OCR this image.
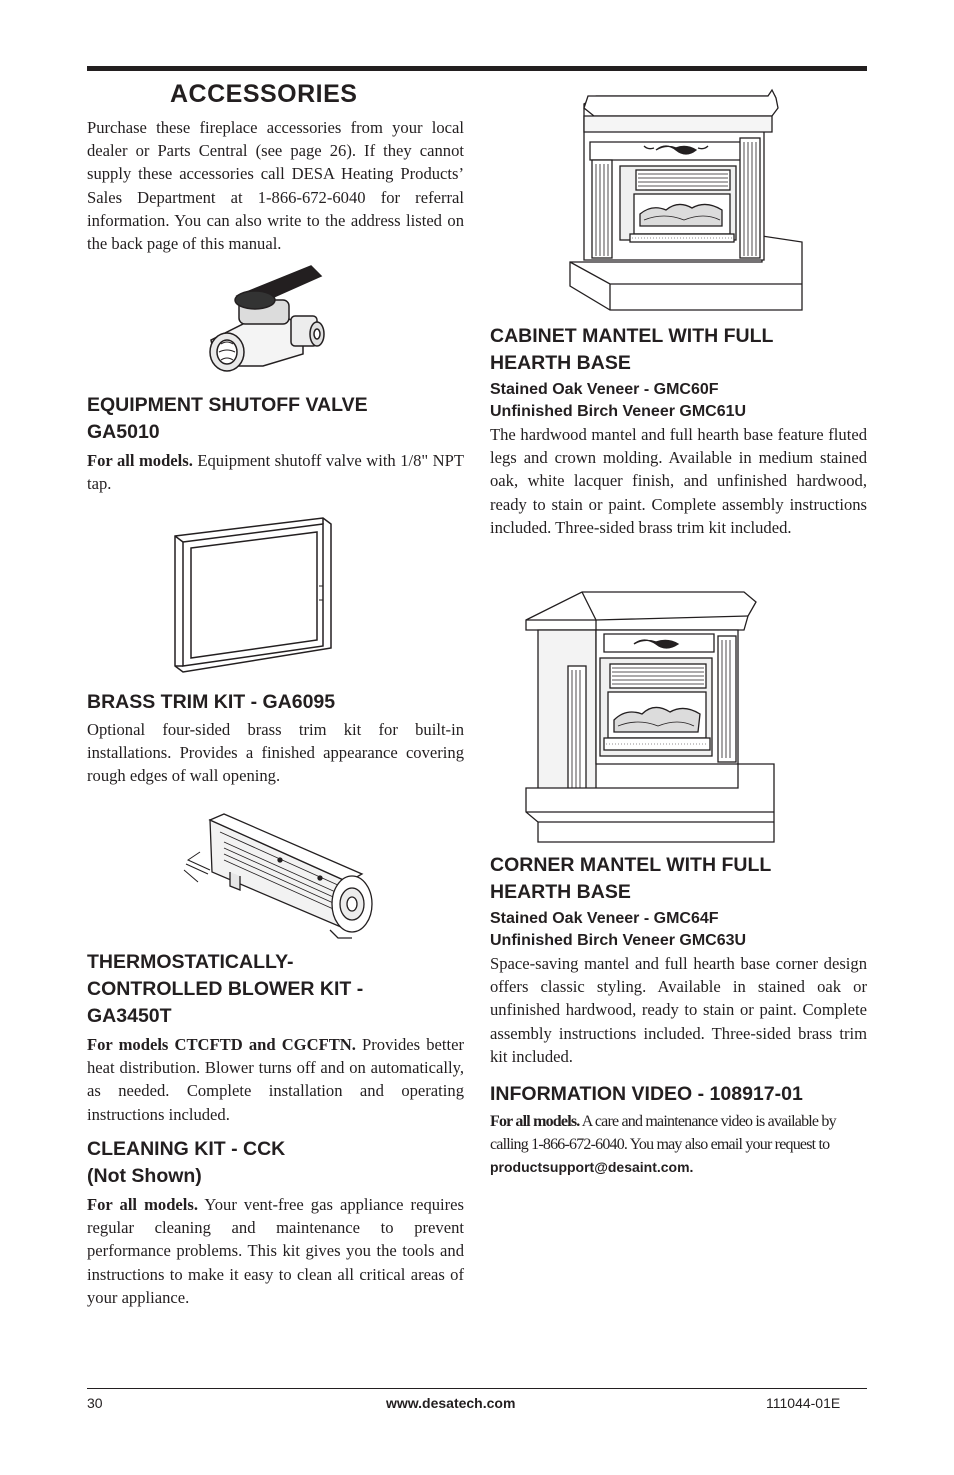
ACCESSORIES

Purchase these fireplace accessories from your local dealer or Parts Central (see page 26). If they cannot supply these accessories call DESA Heating Products’ Sales Department at 1-866-672-6040 for referral information. You can also write to the address listed on the back page of this manual.

EQUIPMENT SHUTOFF VALVE

GA5010

For all models. Equipment shutoff valve with 1/8" NPT tap.

BRASS TRIM KIT - GA6095

Optional four-sided brass trim kit for built-in installations. Provides a finished appearance covering rough edges of wall opening.

THERMOSTATICALLY-

CONTROLLED BLOWER KIT -

GA3450T

For models CTCFTD and CGCFTN. Provides better heat distribution. Blower turns off and on automatically, as needed. Complete installation and operating instructions included.

CLEANING KIT - CCK

(Not Shown)

For all models. Your vent-free gas appliance requires regular cleaning and maintenance to prevent performance problems. This kit gives you the tools and instructions to make it easy to clean all critical areas of your appliance.

CABINET MANTEL WITH FULL

HEARTH BASE

Stained Oak Veneer - GMC60F

Unfinished Birch Veneer GMC61U

The hardwood mantel and full hearth base feature fluted legs and crown molding. Available in medium stained oak, white lacquer finish, and unfinished hardwood, ready to stain or paint. Complete assembly instructions included. Three-sided brass trim kit included.

CORNER MANTEL WITH FULL

HEARTH BASE

Stained Oak Veneer - GMC64F

Unfinished Birch Veneer GMC63U

Space-saving mantel and full hearth base corner design offers classic styling. Available in stained oak or unfinished hardwood, ready to stain or paint. Complete assembly instructions included. Three-sided brass trim kit included.

INFORMATION VIDEO - 108917-01

For all models. A care and maintenance video is available by calling 1-866-672-6040. You may also email your request to productsupport@desaint.com.

30	www.desatech.com	111044-01E
